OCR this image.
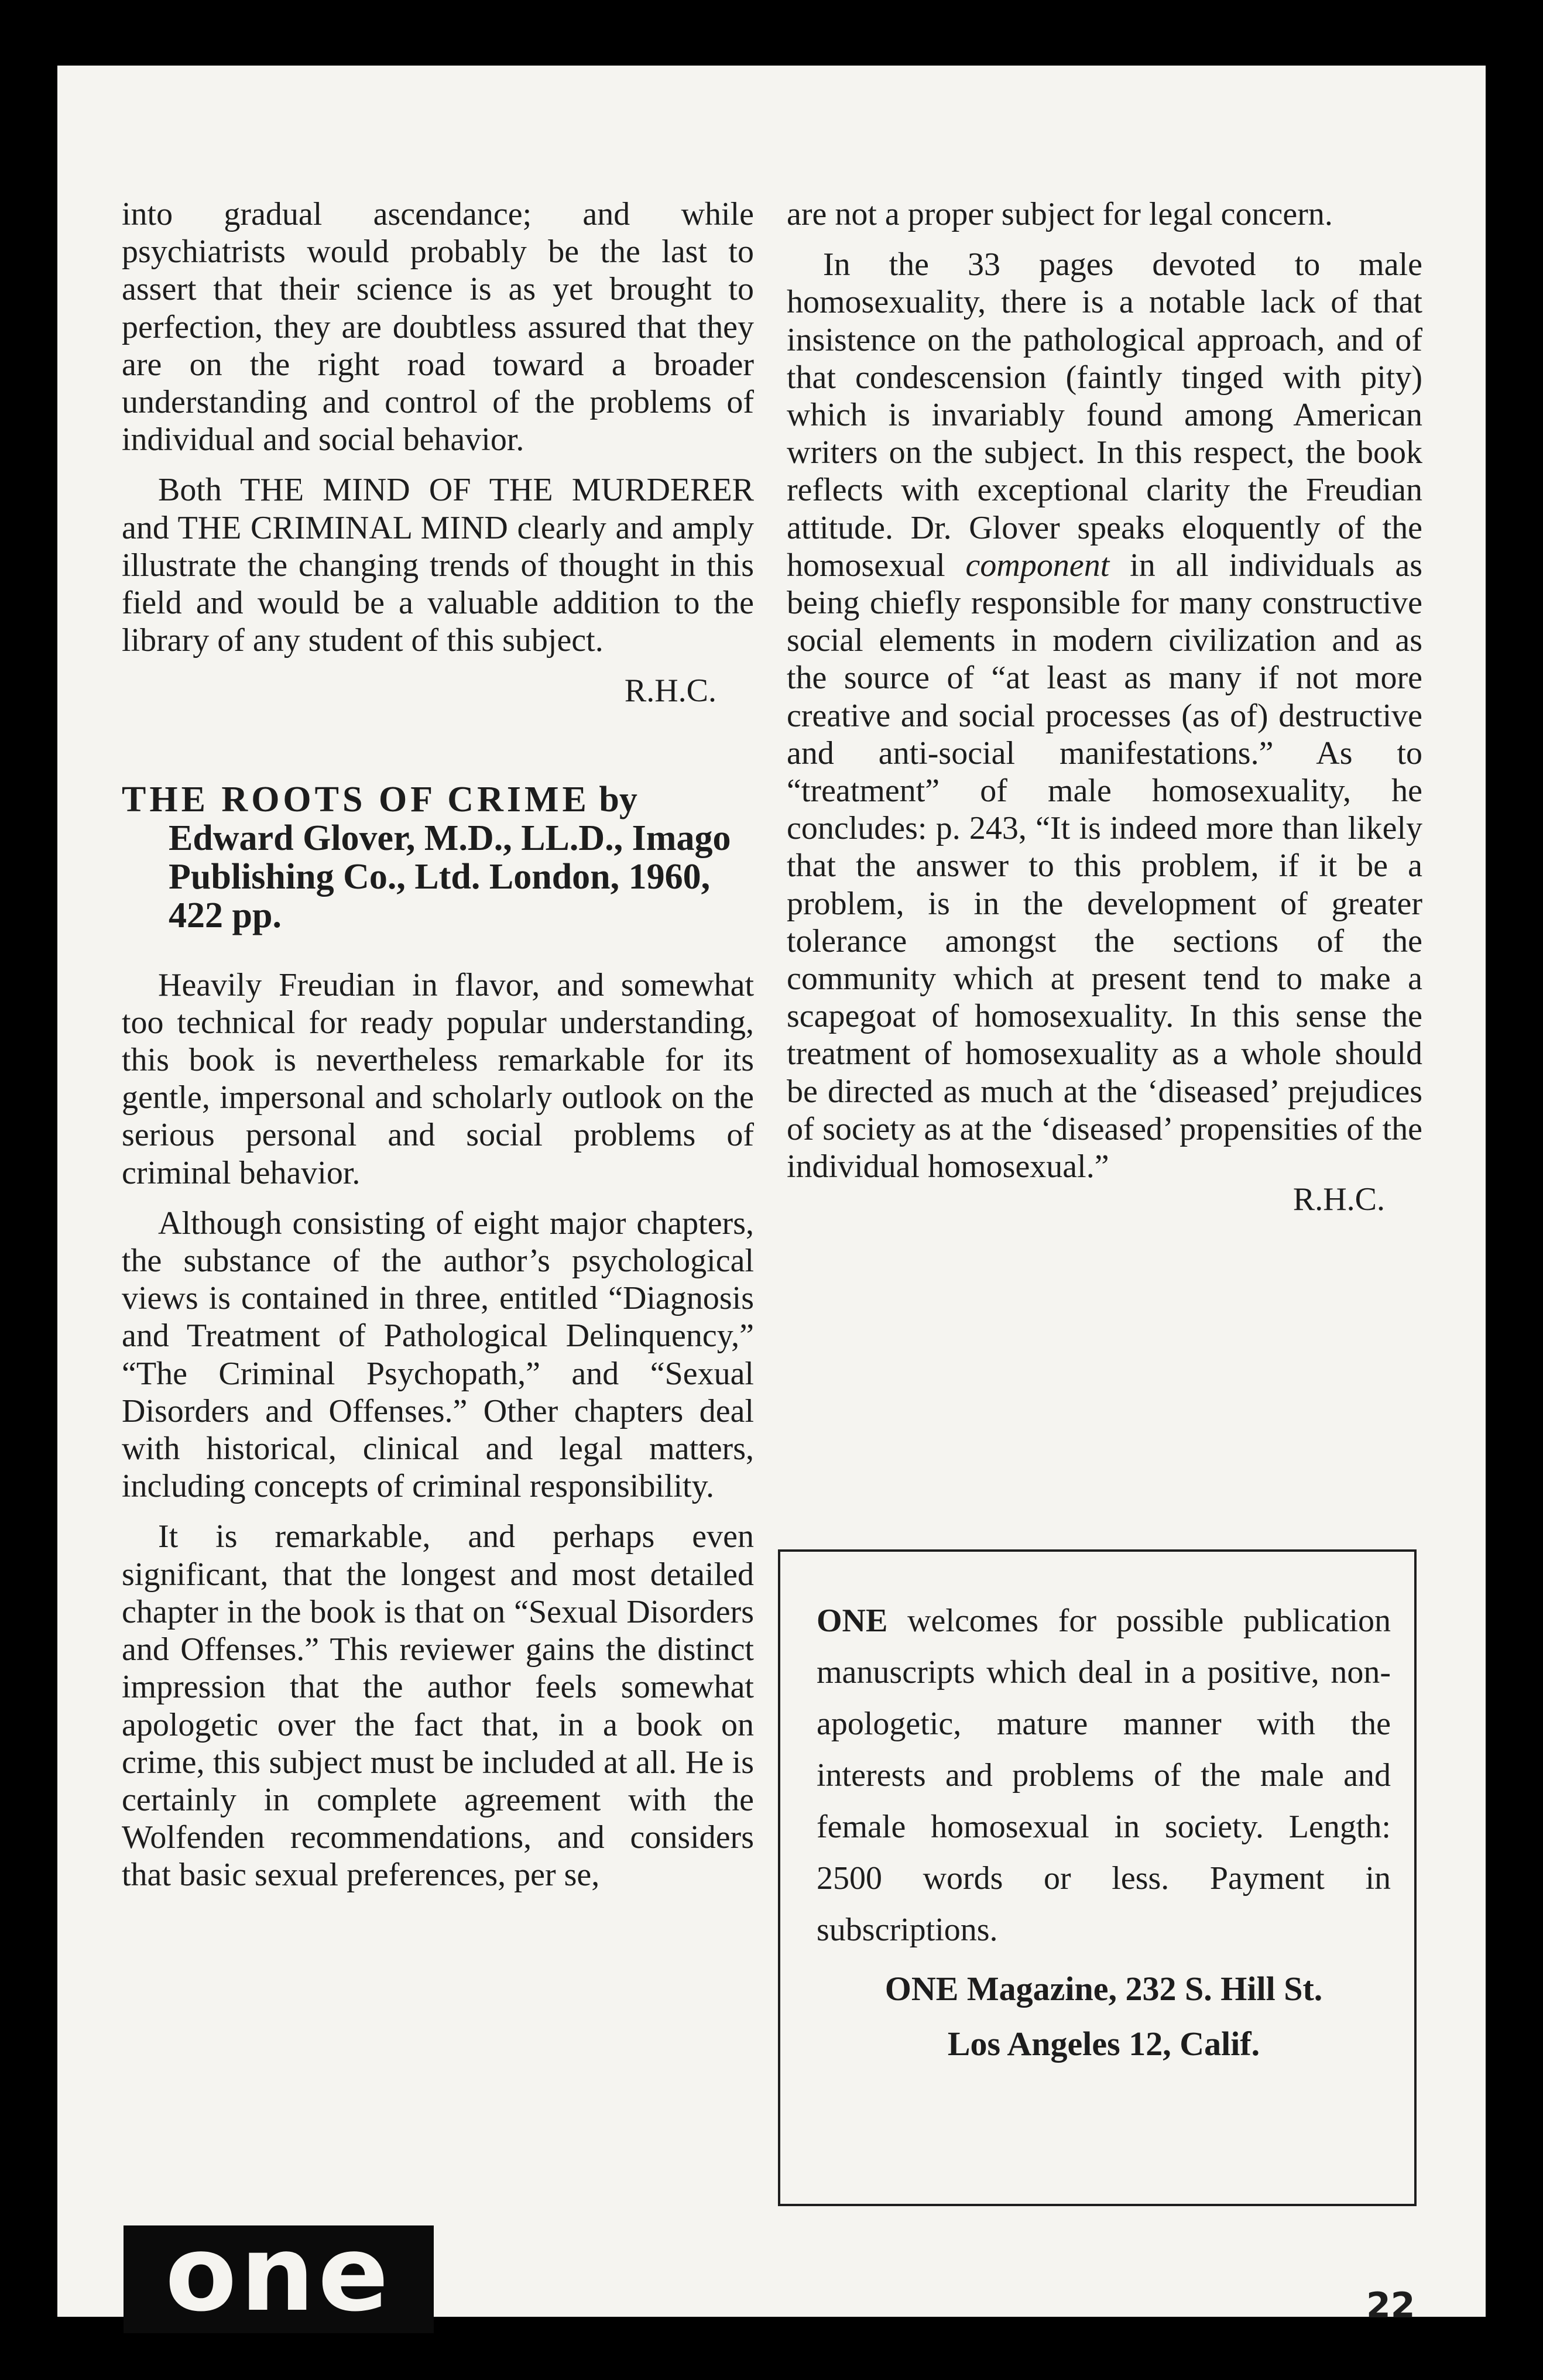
into gradual ascendance; and while psychiatrists would probably be the last to assert that their science is as yet brought to perfection, they are doubtless assured that they are on the right road toward a broader understanding and control of the problems of individual and social behavior.

Both THE MIND OF THE MURDERER and THE CRIMINAL MIND clearly and amply illustrate the changing trends of thought in this field and would be a valuable addition to the library of any student of this subject.

R.H.C.
THE ROOTS OF CRIME by Edward Glover, M.D., LL.D., Imago Publishing Co., Ltd. London, 1960, 422 pp.

Heavily Freudian in flavor, and somewhat too technical for ready popular understanding, this book is nevertheless remarkable for its gentle, impersonal and scholarly outlook on the serious personal and social problems of criminal behavior.

Although consisting of eight major chapters, the substance of the author’s psychological views is contained in three, entitled “Diagnosis and Treatment of Pathological Delinquency,” “The Criminal Psychopath,” and “Sexual Disorders and Offenses.” Other chapters deal with historical, clinical and legal matters, including concepts of criminal responsibility.

It is remarkable, and perhaps even significant, that the longest and most detailed chapter in the book is that on “Sexual Disorders and Offenses.” This reviewer gains the distinct impression that the author feels somewhat apologetic over the fact that, in a book on crime, this subject must be included at all. He is certainly in complete agreement with the Wolfenden recommendations, and considers that basic sexual preferences, per se,

are not a proper subject for legal concern.

In the 33 pages devoted to male homosexuality, there is a notable lack of that insistence on the pathological approach, and of that condescension (faintly tinged with pity) which is invariably found among American writers on the subject. In this respect, the book reflects with exceptional clarity the Freudian attitude. Dr. Glover speaks eloquently of the homosexual component in all individuals as being chiefly responsible for many constructive social elements in modern civilization and as the source of “at least as many if not more creative and social processes (as of) destructive and anti-social manifestations.” As to “treatment” of male homosexuality, he concludes: p. 243, “It is indeed more than likely that the answer to this problem, if it be a problem, is in the development of greater tolerance amongst the sections of the community which at present tend to make a scapegoat of homosexuality. In this sense the treatment of homosexuality as a whole should be directed as much at the ‘diseased’ prejudices of society as at the ‘diseased’ propensities of the individual homosexual.”

R.H.C.

ONE welcomes for possible publication manuscripts which deal in a positive, non-apologetic, mature manner with the interests and problems of the male and female homosexual in society. Length: 2500 words or less. Payment in subscriptions.

ONE Magazine, 232 S. Hill St.
Los Angeles 12, Calif.
one	22
